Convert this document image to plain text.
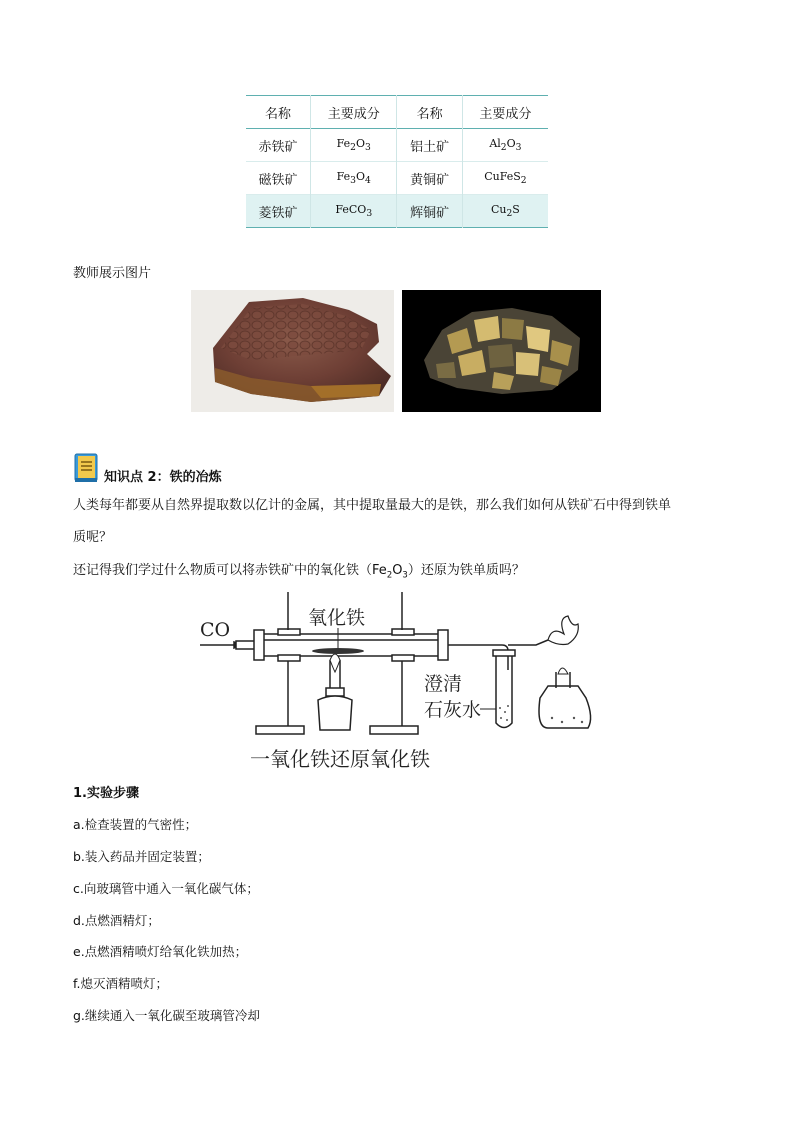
名称	主要成分	名称	主要成分
赤铁矿	$Fe_2O_3$	铝土矿	$Al_2O_3$
磁铁矿	$Fe_3O_4$	黄铜矿	CuFeS$_2$
菱铁矿	FeCO$_3$	辉铜矿	$Cu_2S$
教师展示图片
知识点 2：铁的冶炼
人类每年都要从自然界提取数以亿计的金属，其中提取量最大的是铁，那么我们如何从铁矿石中得到铁单
质呢？
还记得我们学过什么物质可以将赤铁矿中的氧化铁$(Fe_2O_3)$还原为铁单质吗？
CO
氧化铁
澄清
石灰水
一氧化铁还原氧化铁
1.实验步骤
a.检查装置的气密性；
b.装入药品并固定装置；
c.向玻璃管中通入一氧化碳气体；
d.点燃酒精灯；
e.点燃酒精喷灯给氧化铁加热；
f.熄灭酒精喷灯；
g.继续通入一氧化碳至玻璃管冷却
